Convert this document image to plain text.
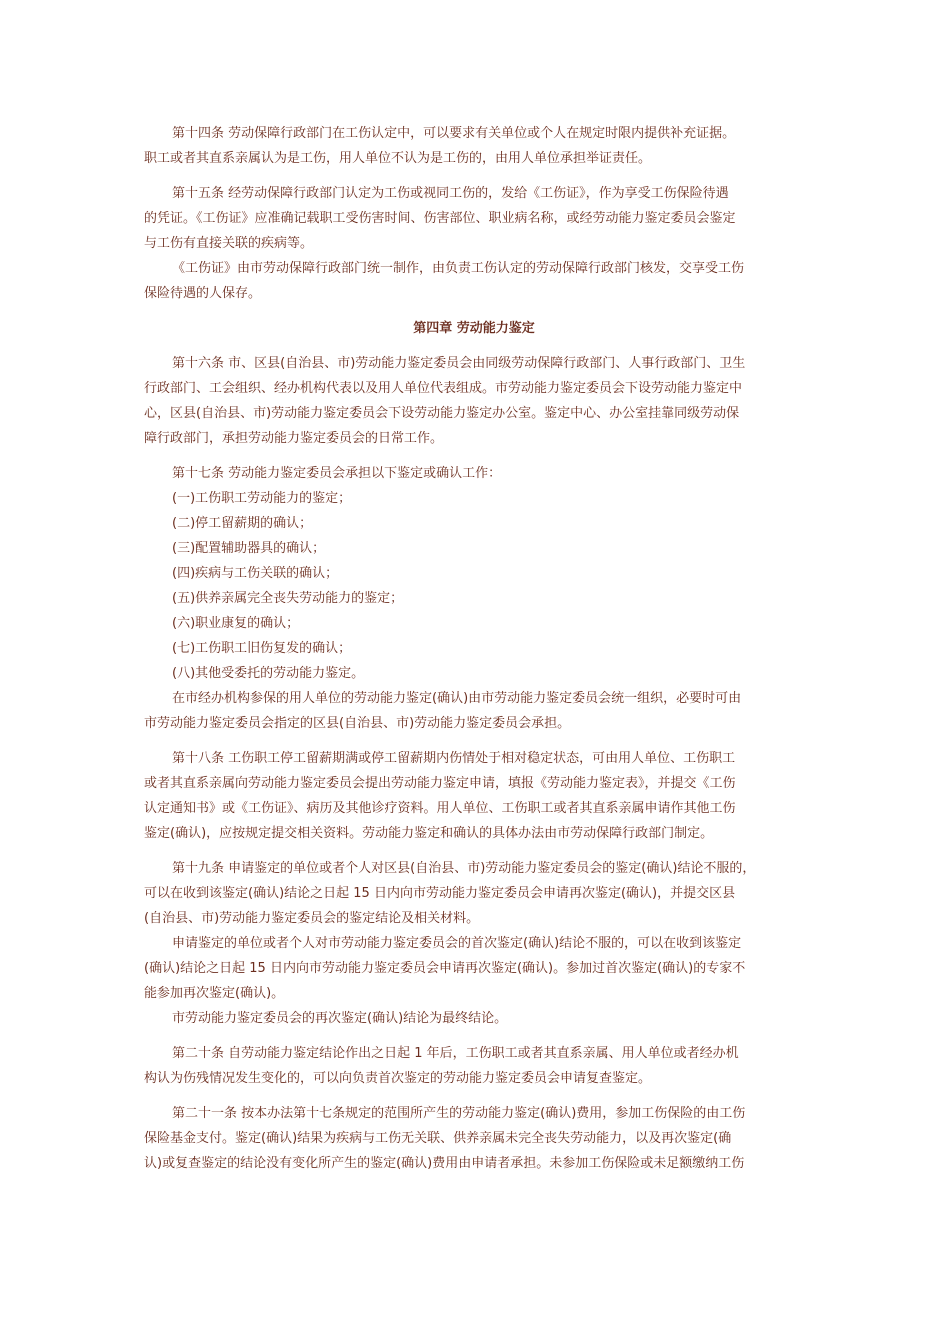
第十四条 劳动保障行政部门在工伤认定中，可以要求有关单位或个人在规定时限内提供补充证据。
职工或者其直系亲属认为是工伤，用人单位不认为是工伤的，由用人单位承担举证责任。
第十五条 经劳动保障行政部门认定为工伤或视同工伤的，发给《工伤证》，作为享受工伤保险待遇
的凭证。《工伤证》应准确记载职工受伤害时间、伤害部位、职业病名称，或经劳动能力鉴定委员会鉴定
与工伤有直接关联的疾病等。
《工伤证》由市劳动保障行政部门统一制作，由负责工伤认定的劳动保障行政部门核发，交享受工伤
保险待遇的人保存。
第四章 劳动能力鉴定
第十六条 市、区县(自治县、市)劳动能力鉴定委员会由同级劳动保障行政部门、人事行政部门、卫生
行政部门、工会组织、经办机构代表以及用人单位代表组成。市劳动能力鉴定委员会下设劳动能力鉴定中
心，区县(自治县、市)劳动能力鉴定委员会下设劳动能力鉴定办公室。鉴定中心、办公室挂靠同级劳动保
障行政部门，承担劳动能力鉴定委员会的日常工作。
第十七条 劳动能力鉴定委员会承担以下鉴定或确认工作：
(一)工伤职工劳动能力的鉴定；
(二)停工留薪期的确认；
(三)配置辅助器具的确认；
(四)疾病与工伤关联的确认；
(五)供养亲属完全丧失劳动能力的鉴定；
(六)职业康复的确认；
(七)工伤职工旧伤复发的确认；
(八)其他受委托的劳动能力鉴定。
在市经办机构参保的用人单位的劳动能力鉴定(确认)由市劳动能力鉴定委员会统一组织，必要时可由
市劳动能力鉴定委员会指定的区县(自治县、市)劳动能力鉴定委员会承担。
第十八条 工伤职工停工留薪期满或停工留薪期内伤情处于相对稳定状态，可由用人单位、工伤职工
或者其直系亲属向劳动能力鉴定委员会提出劳动能力鉴定申请，填报《劳动能力鉴定表》，并提交《工伤
认定通知书》或《工伤证》、病历及其他诊疗资料。用人单位、工伤职工或者其直系亲属申请作其他工伤
鉴定(确认)，应按规定提交相关资料。劳动能力鉴定和确认的具体办法由市劳动保障行政部门制定。
第十九条 申请鉴定的单位或者个人对区县(自治县、市)劳动能力鉴定委员会的鉴定(确认)结论不服的，
可以在收到该鉴定(确认)结论之日起 15 日内向市劳动能力鉴定委员会申请再次鉴定(确认)，并提交区县
(自治县、市)劳动能力鉴定委员会的鉴定结论及相关材料。
申请鉴定的单位或者个人对市劳动能力鉴定委员会的首次鉴定(确认)结论不服的，可以在收到该鉴定
(确认)结论之日起 15 日内向市劳动能力鉴定委员会申请再次鉴定(确认)。参加过首次鉴定(确认)的专家不
能参加再次鉴定(确认)。
市劳动能力鉴定委员会的再次鉴定(确认)结论为最终结论。
第二十条 自劳动能力鉴定结论作出之日起 1 年后，工伤职工或者其直系亲属、用人单位或者经办机
构认为伤残情况发生变化的，可以向负责首次鉴定的劳动能力鉴定委员会申请复查鉴定。
第二十一条 按本办法第十七条规定的范围所产生的劳动能力鉴定(确认)费用，参加工伤保险的由工伤
保险基金支付。鉴定(确认)结果为疾病与工伤无关联、供养亲属未完全丧失劳动能力，以及再次鉴定(确
认)或复查鉴定的结论没有变化所产生的鉴定(确认)费用由申请者承担。未参加工伤保险或未足额缴纳工伤
